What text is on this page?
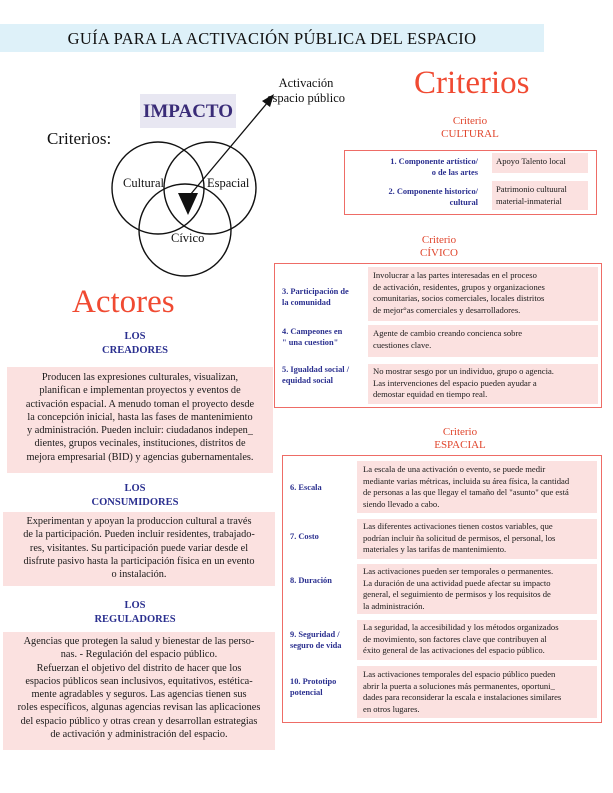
GUÍA PARA LA ACTIVACIÓN PÚBLICA DEL ESPACIO
IMPACTO
Activación
espacio público
Criterios:
Cultural	Espacial
Cívico
Criterios
Criterio
CULTURAL
1. Componente artístico/
o de las artes
Apoyo Talento local
2. Componente historico/
cultural
Patrimonio cultuural
material-inmaterial
Criterio
CÍVICO
3. Participación de
la comunidad
Involucrar a las partes interesadas en el proceso
de activación, residentes, grupos y organizaciones
comunitarias, socios comerciales, locales distritos
de mejor°as comerciales y desarrolladores.
4. Campeones en
" una cuestion"
Agente de cambio creando concienca sobre
cuestiones clave.
5. Igualdad social /
equidad social
No mostrar sesgo por un individuo, grupo o agencia.
Las intervenciones del espacio pueden ayudar a
demostar equidad en tiempo real.
Criterio
ESPACIAL
6. Escala
La escala de una activación o evento, se puede medir
mediante varias métricas, incluida su área física, la cantidad
de personas a las que llegay el tamaño del "asunto" que está
siendo llevado a cabo.
7. Costo
Las diferentes activaciones tienen costos variables, que
podrían incluir ña solicitud de permisos, el personal, los
materiales y las tarifas de mantenimiento.
8. Duración
Las activaciones pueden ser temporales o permanentes.
La duración de una actividad puede afectar su impacto
general, el seguimiento de permisos y los requisitos de
la administración.
9. Seguridad /
seguro de vida
La seguridad, la accesibilidad y los métodos organizados
de movimiento, son factores clave que contribuyen al
éxito general de las activaciones del espacio público.
10. Prototipo
potencial
Las activaciones temporales del espacio público pueden
abrir la puerta a soluciones más permanentes, oportuni_
dades para reconsiderar la escala e instalaciones similares
en otros lugares.
Actores
LOS
CREADORES
Producen las expresiones culturales, visualizan,
planifican e implementan proyectos y eventos de
activación espacial. A menudo toman el proyecto desde
la concepción inicial, hasta las fases de mantenimiento
y administración. Pueden incluir: ciudadanos indepen_
dientes, grupos vecinales, instituciones, distritos de
mejora empresarial (BID) y agencias gubernamentales.
LOS
CONSUMIDORES
Experimentan y apoyan la produccion cultural a través
de la participación. Pueden incluir residentes, trabajado-
res, visitantes. Su participación puede variar desde el
disfrute pasivo hasta la participación física en un evento
o instalación.
LOS
REGULADORES
Agencias que protegen la salud y bienestar de las perso-
nas. - Regulación del espacio público.
Refuerzan el objetivo del distrito de hacer que los
espacios públicos sean inclusivos, equitativos, estética-
mente agradables y seguros. Las agencias tienen sus
roles específicos, algunas agencias revisan las aplicaciones
del espacio público y otras crean y desarrollan estrategias
de activación y administración del espacio.
